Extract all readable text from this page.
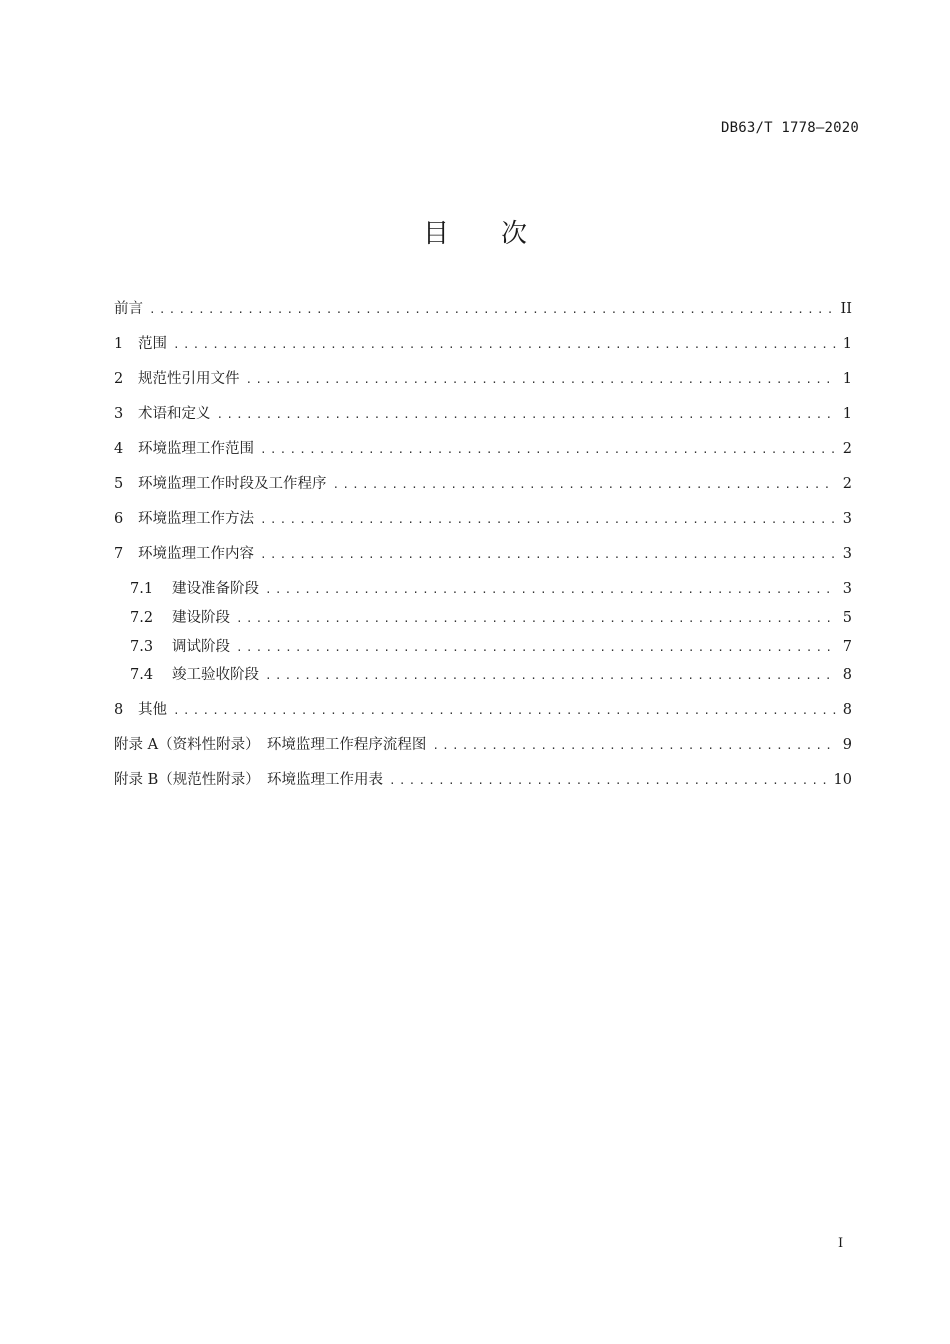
DB63/T 1778—2020
目 次
前言 .....	II
1	范围 .....	1
2	规范性引用文件 .....	1
3	术语和定义 .....	1
4	环境监理工作范围 .....	2
5	环境监理工作时段及工作程序 .....	2
6	环境监理工作方法 .....	3
7	环境监理工作内容 .....	3
7.1	建设准备阶段 .....	3
7.2	建设阶段 .....	5
7.3	调试阶段 .....	7
7.4	竣工验收阶段 .....	8
8	其他 .....	8
附录 A（资料性附录）　环境监理工作程序流程图 .....	9
附录 B（规范性附录）　环境监理工作用表 .....	10
I
